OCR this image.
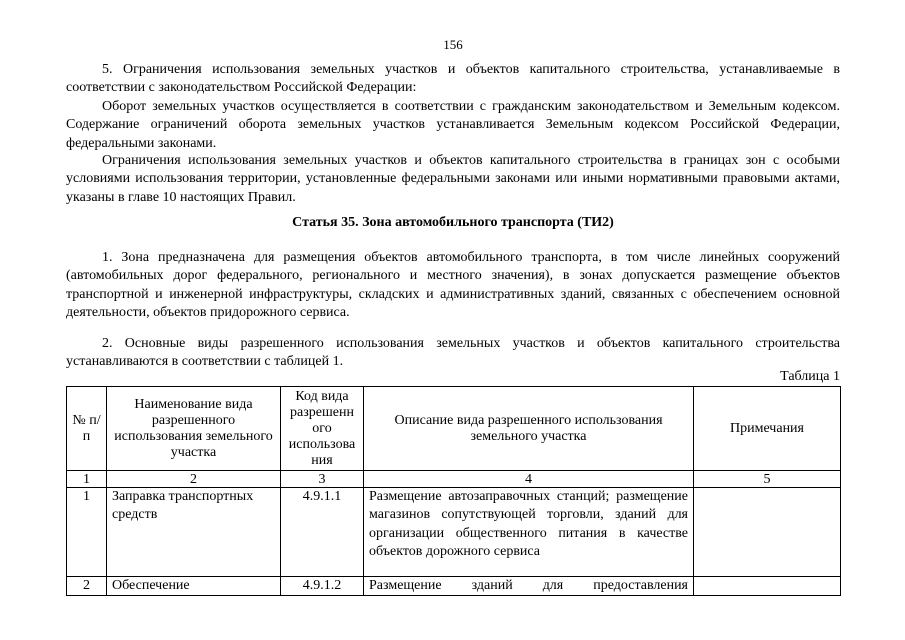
156

5. Ограничения использования земельных участков и объектов капитального строительства, устанавливаемые в соответствии с законодательством Российской Федерации:

Оборот земельных участков осуществляется в соответствии с гражданским законодательством и Земельным кодексом. Содержание ограничений оборота земельных участков устанавливается Земельным кодексом Российской Федерации, федеральными законами.

Ограничения использования земельных участков и объектов капитального строительства в границах зон с особыми условиями использования территории, установленные федеральными законами или иными нормативными правовыми актами, указаны в главе 10 настоящих Правил.

Статья 35. Зона автомобильного транспорта (ТИ2)

1. Зона предназначена для размещения объектов автомобильного транспорта, в том числе линейных сооружений (автомобильных дорог федерального, регионального и местного значения), в зонах допускается размещение объектов транспортной и инженерной инфраструктуры, складских и административных зданий, связанных с обеспечением основной деятельности, объектов придорожного сервиса.

2. Основные виды разрешенного использования земельных участков и объектов капитального строительства устанавливаются в соответствии с таблицей 1.

Таблица 1
№ п/п	Наименование вида разрешенного использования земельного участка	Код вида разрешенн ого использова ния	Описание вида разрешенного использования земельного участка	Примечания
1	2	3	4	5
1	Заправка транспортных средств	4.9.1.1	Размещение автозаправочных станций; размещение магазинов сопутствующей торговли, зданий для организации общественного питания в качестве объектов дорожного сервиса	
2	Обеспечение	4.9.1.2	Размещение зданий для предоставления	
